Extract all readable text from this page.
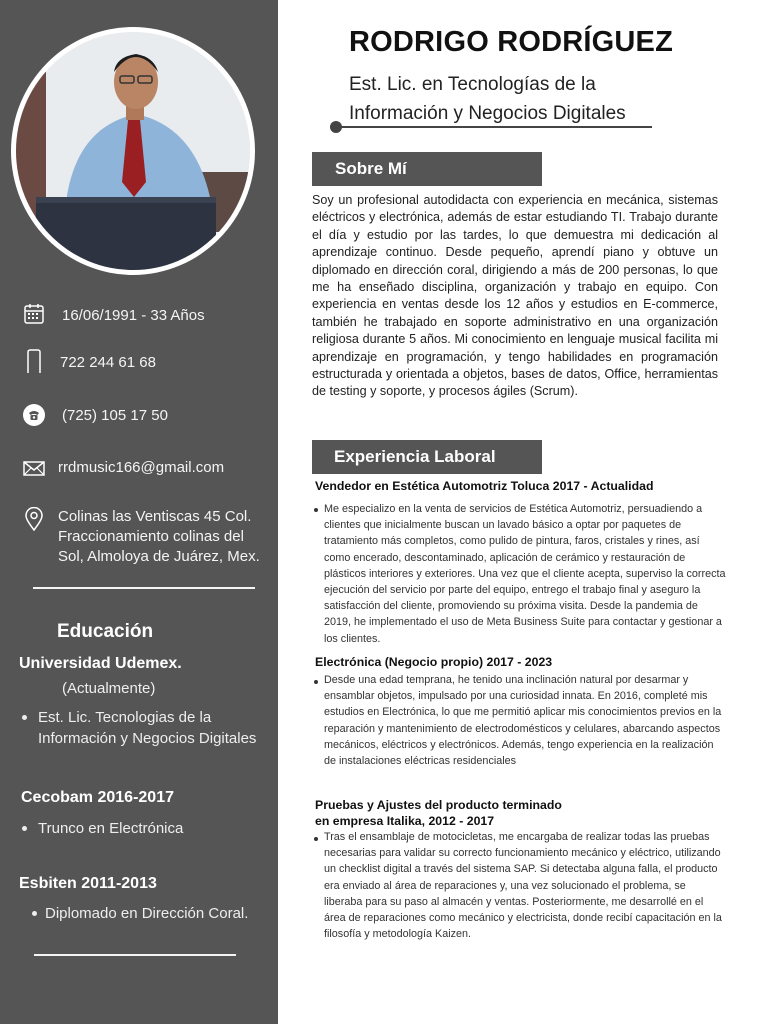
16/06/1991 - 33 Años
722 244 61 68
(725) 105 17 50
rrdmusic166@gmail.com
Colinas las Ventiscas 45 Col.
Fraccionamiento colinas del
Sol, Almoloya de Juárez, Mex.
Educación
Universidad Udemex.
(Actualmente)
Est. Lic. Tecnologias de la
Información y Negocios Digitales
Cecobam 2016-2017
Trunco en Electrónica
Esbiten 2011-2013
Diplomado en Dirección Coral.
RODRIGO RODRÍGUEZ
Est. Lic. en Tecnologías de la
Información y Negocios Digitales
Sobre Mí
Soy un profesional autodidacta con experiencia en mecánica, sistemas eléctricos y electrónica, además de estar estudiando TI. Trabajo durante el día y estudio por las tardes, lo que demuestra mi dedicación al aprendizaje continuo. Desde pequeño, aprendí piano y obtuve un diplomado en dirección coral, dirigiendo a más de 200 personas, lo que me ha enseñado disciplina, organización y trabajo en equipo. Con experiencia en ventas desde los 12 años y estudios en E-commerce, también he trabajado en soporte administrativo en una organización religiosa durante 5 años. Mi conocimiento en lenguaje musical facilita mi aprendizaje en programación, y tengo habilidades en programación estructurada y orientada a objetos, bases de datos, Office, herramientas de testing y soporte, y procesos ágiles (Scrum).
Experiencia Laboral
Vendedor en Estética Automotriz Toluca 2017 - Actualidad
Me especializo en la venta de servicios de Estética Automotriz, persuadiendo a clientes que inicialmente buscan un lavado básico a optar por paquetes de tratamiento más completos, como pulido de pintura, faros, cristales y rines, así como encerado, descontaminado, aplicación de cerámico y restauración de plásticos interiores y exteriores. Una vez que el cliente acepta, superviso la correcta ejecución del servicio por parte del equipo, entrego el trabajo final y aseguro la satisfacción del cliente, promoviendo su próxima visita. Desde la pandemia de 2019, he implementado el uso de Meta Business Suite para contactar y gestionar a los clientes.
Electrónica (Negocio propio) 2017 - 2023
Desde una edad temprana, he tenido una inclinación natural por desarmar y ensamblar objetos, impulsado por una curiosidad innata. En 2016, completé mis estudios en Electrónica, lo que me permitió aplicar mis conocimientos previos en la reparación y mantenimiento de electrodomésticos y celulares, abarcando aspectos mecánicos, eléctricos y electrónicos. Además, tengo experiencia en la realización de instalaciones eléctricas residenciales
Pruebas y Ajustes del producto terminado
en empresa Italika, 2012 - 2017
Tras el ensamblaje de motocicletas, me encargaba de realizar todas las pruebas necesarias para validar su correcto funcionamiento mecánico y eléctrico, utilizando un checklist digital a través del sistema SAP. Si detectaba alguna falla, el producto era enviado al área de reparaciones y, una vez solucionado el problema, se liberaba para su paso al almacén y ventas. Posteriormente, me desarrollé en el área de reparaciones como mecánico y electricista, donde recibí capacitación en la filosofía y metodología Kaizen.
